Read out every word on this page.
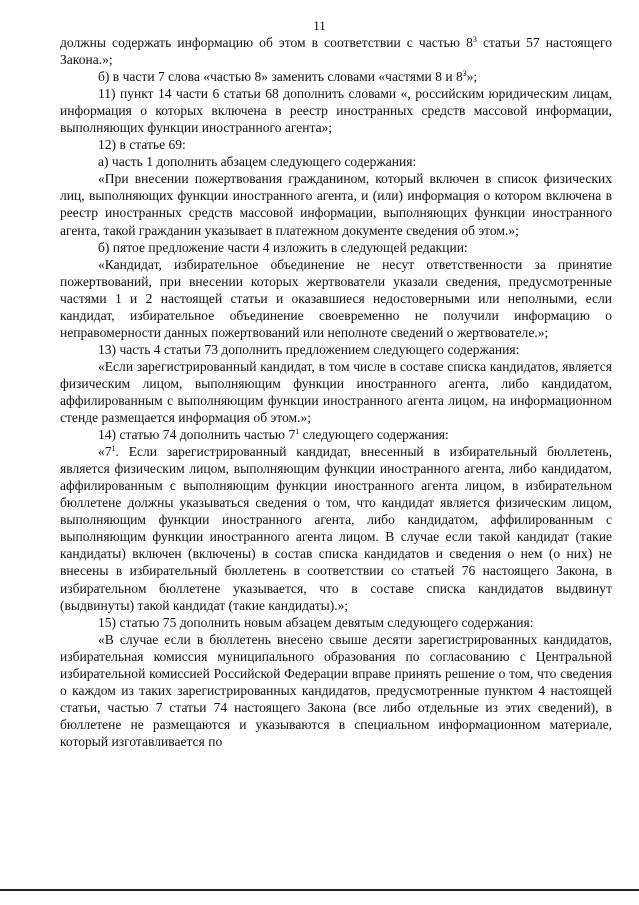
11

должны содержать информацию об этом в соответствии с частью $8^3$ статьи 57 настоящего Закона.»;

б) в части 7 слова «частью 8» заменить словами «частями 8 и $8^3$»;

11) пункт 14 части 6 статьи 68 дополнить словами «, российским юридическим лицам, информация о которых включена в реестр иностранных средств массовой информации, выполняющих функции иностранного агента»;

12) в статье 69:

а) часть 1 дополнить абзацем следующего содержания:

«При внесении пожертвования гражданином, который включен в список физических лиц, выполняющих функции иностранного агента, и (или) информация о котором включена в реестр иностранных средств массовой информации, выполняющих функции иностранного агента, такой гражданин указывает в платежном документе сведения об этом.»;

б) пятое предложение части 4 изложить в следующей редакции:

«Кандидат, избирательное объединение не несут ответственности за принятие пожертвований, при внесении которых жертвователи указали сведения, предусмотренные частями 1 и 2 настоящей статьи и оказавшиеся недостоверными или неполными, если кандидат, избирательное объединение своевременно не получили информацию о неправомерности данных пожертвований или неполноте сведений о жертвователе.»;

13) часть 4 статьи 73 дополнить предложением следующего содержания:

«Если зарегистрированный кандидат, в том числе в составе списка кандидатов, является физическим лицом, выполняющим функции иностранного агента, либо кандидатом, аффилированным с выполняющим функции иностранного агента лицом, на информационном стенде размещается информация об этом.»;

14) статью 74 дополнить частью $7^1$ следующего содержания:

«$7^1$. Если зарегистрированный кандидат, внесенный в избирательный бюллетень, является физическим лицом, выполняющим функции иностранного агента, либо кандидатом, аффилированным с выполняющим функции иностранного агента лицом, в избирательном бюллетене должны указываться сведения о том, что кандидат является физическим лицом, выполняющим функции иностранного агента, либо кандидатом, аффилированным с выполняющим функции иностранного агента лицом. В случае если такой кандидат (такие кандидаты) включен (включены) в состав списка кандидатов и сведения о нем (о них) не внесены в избирательный бюллетень в соответствии со статьей 76 настоящего Закона, в избирательном бюллетене указывается, что в составе списка кандидатов выдвинут (выдвинуты) такой кандидат (такие кандидаты).»;

15) статью 75 дополнить новым абзацем девятым следующего содержания:

«В случае если в бюллетень внесено свыше десяти зарегистрированных кандидатов, избирательная комиссия муниципального образования по согласованию с Центральной избирательной комиссией Российской Федерации вправе принять решение о том, что сведения о каждом из таких зарегистрированных кандидатов, предусмотренные пунктом 4 настоящей статьи, частью 7 статьи 74 настоящего Закона (все либо отдельные из этих сведений), в бюллетене не размещаются и указываются в специальном информационном материале, который изготавливается по
